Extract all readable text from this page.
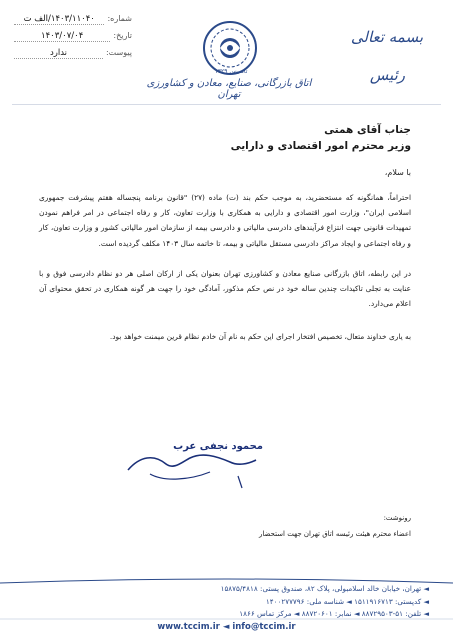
شماره:
۱۴۰۳/۱۱۰۴۰/الف ت
تاریخ:
۱۴۰۳/۰۷/۰۴
پیوست:
ندارد
تاسیس ۱۳۲۹
اتاق بازرگانی، صنایع، معادن و کشاورزی تهران
بسمه تعالی
رئیس
جناب آقای همتی
وزیر محترم امور اقتصادی و دارایی
با سلام،
احتراماً، همانگونه که مستحضرید، به موجب حکم بند (ت) ماده (۲۷) "قانون برنامه پنجساله هفتم پیشرفت جمهوری اسلامی ایران"، وزارت امور اقتصادی و دارایی به همکاری با وزارت تعاون، کار و رفاه اجتماعی در امر فراهم نمودن تمهیدات قانونی جهت انتزاع فرآیندهای دادرسی مالیاتی و دادرسی بیمه از سازمان امور مالیاتی کشور و وزارت تعاون، کار و رفاه اجتماعی و ایجاد مراکز دادرسی مستقل مالیاتی و بیمه، تا خاتمه سال ۱۴۰۳ مکلف گردیده است.
در این رابطه، اتاق بازرگانی صنایع معادن و کشاورزی تهران بعنوان یکی از ارکان اصلی هر دو نظام دادرسی فوق و با عنایت به تجلی تاکیدات چندین ساله خود در نص حکم مذکور، آمادگی خود را جهت هر گونه همکاری در تحقق محتوای آن اعلام می‌دارد.
به یاری خداوند متعال، تخصیص افتخار اجرای این حکم به نام آن خادم نظام قرین میمنت خواهد بود.
محمود نجفی عرب
رونوشت:
اعضاء محترم هیئت رئیسه اتاق تهران جهت استحضار
◄ تهران، خیابان خالد اسلامبولی، پلاک ۸۲، صندوق پستی: ۱۵۸۷۵/۴۸۱۸
◄ کدپستی: ۱۵۱۱۹۱۶۷۱۳ ◄ شناسه ملی: ۱۴۰۰۲۷۷۷۹۶
◄ تلفن: ۵۱-۸۸۷۲۹۵۰۳ ◄ نمابر: ۸۸۷۲۰۶۰۱ ◄ مرکز تماس ۱۸۶۶
www.tccim.ir ◄ info@tccim.ir
